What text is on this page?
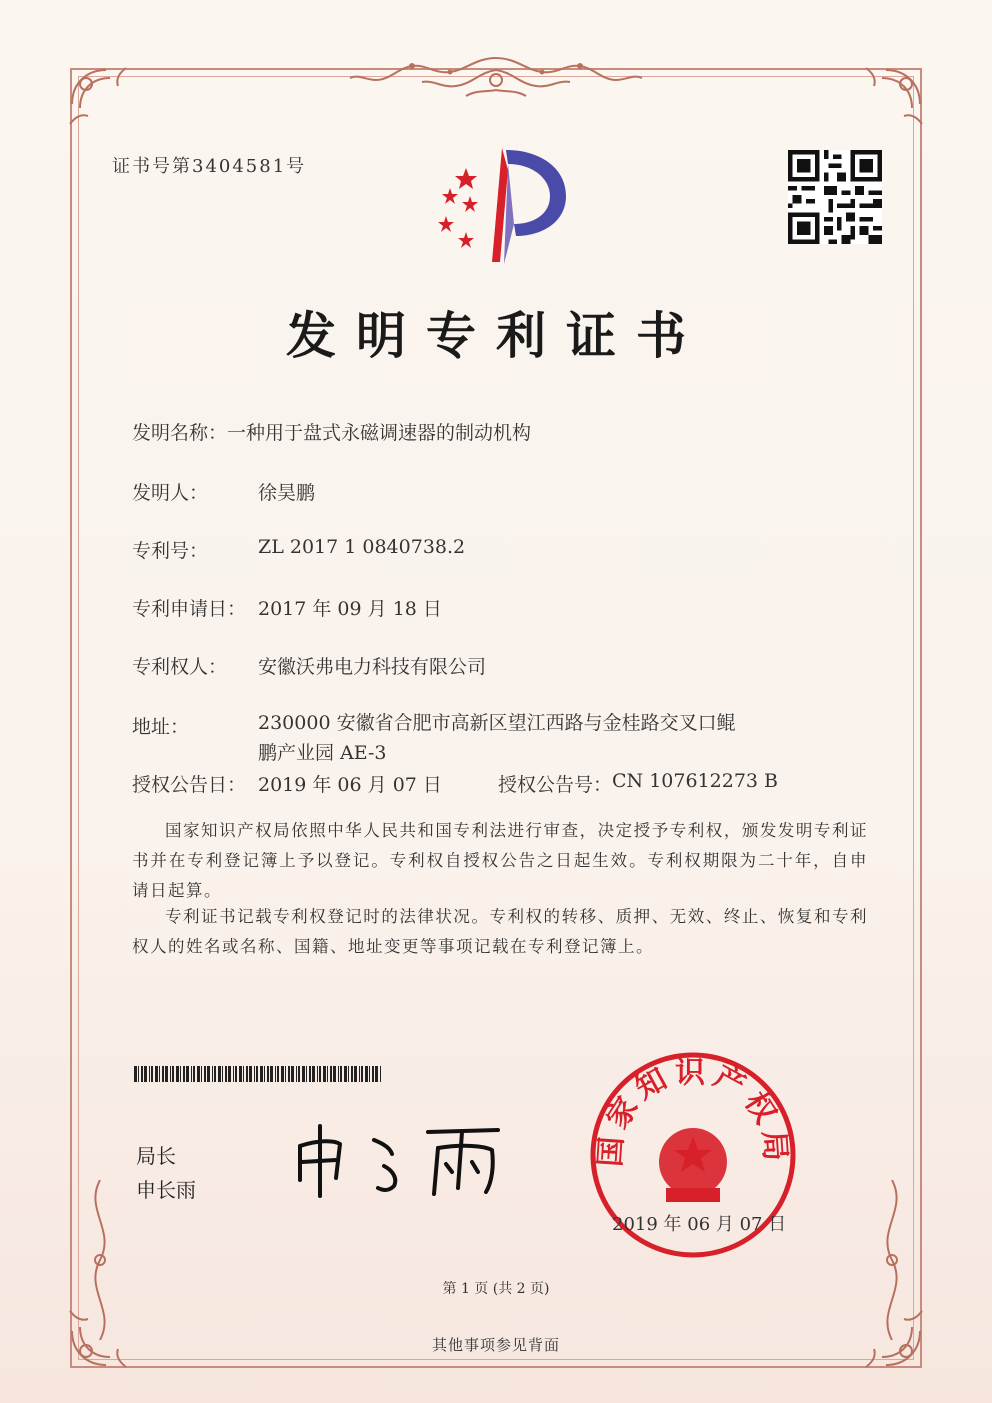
证书号第3404581号
发明专利证书
发明名称： 一种用于盘式永磁调速器的制动机构
发明人：	徐昊鹏
专利号：	ZL 2017 1 0840738.2
专利申请日： 2017 年 09 月 18 日
专利权人：	安徽沃弗电力科技有限公司
地址：	230000 安徽省合肥市高新区望江西路与金桂路交叉口鲲
鹏产业园 AE-3
授权公告日： 2019 年 06 月 07 日	授权公告号： CN 107612273 B
国家知识产权局依照中华人民共和国专利法进行审查，决定授予专利权，颁发发明专利证书并在专利登记簿上予以登记。专利权自授权公告之日起生效。专利权期限为二十年，自申请日起算。
专利证书记载专利权登记时的法律状况。专利权的转移、质押、无效、终止、恢复和专利权人的姓名或名称、国籍、地址变更等事项记载在专利登记簿上。
局长
申长雨
国家知识产权局
2019 年 06 月 07 日
第 1 页 (共 2 页)
其他事项参见背面
